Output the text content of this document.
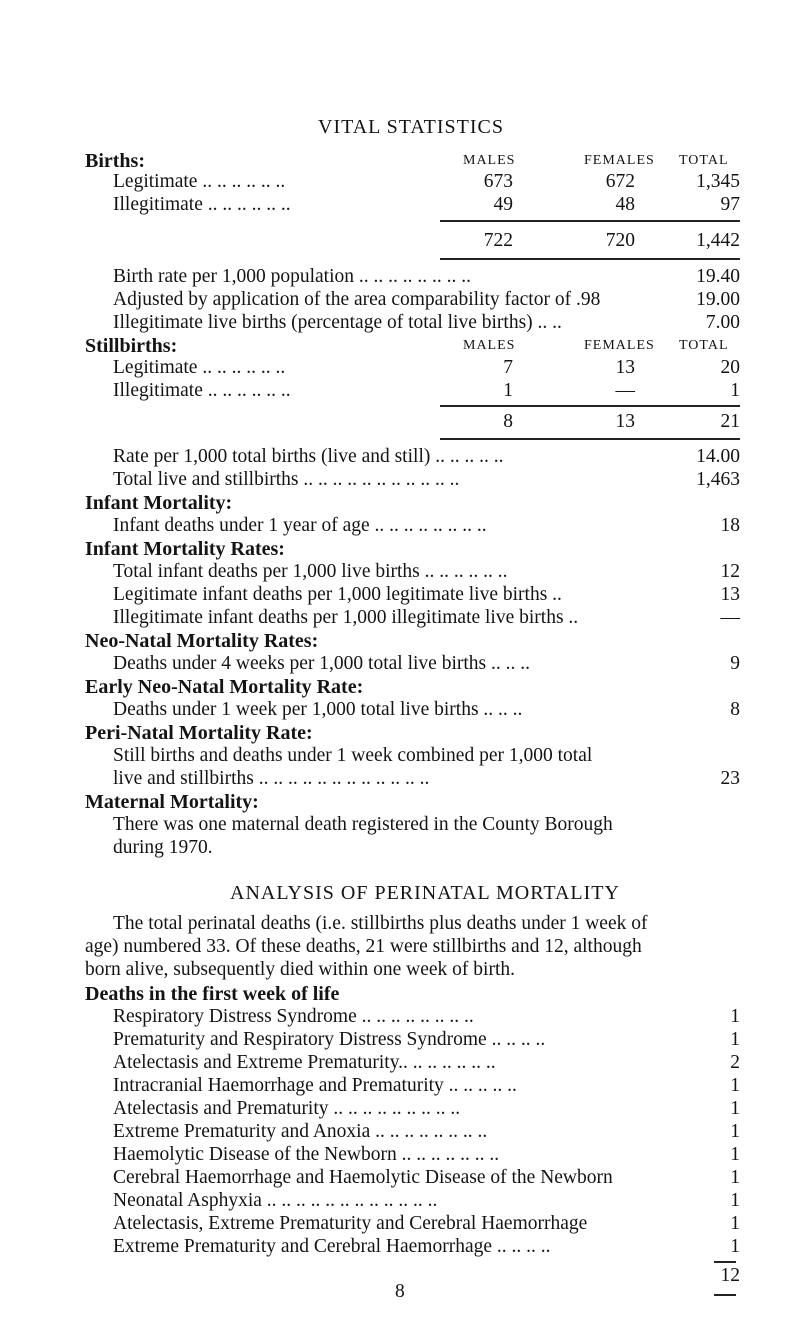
VITAL STATISTICS
Births:	MALES	FEMALES TOTAL
Legitimate .. .. .. .. .. ..	673	672	1,345
Illegitimate .. .. .. .. .. ..	49	48	97
722	720	1,442
Birth rate per 1,000 population .. .. .. .. .. .. .. ..	19.40
Adjusted by application of the area comparability factor of .98	19.00
Illegitimate live births (percentage of total live births) .. ..	7.00
Stillbirths:	MALES	FEMALES TOTAL
Legitimate .. .. .. .. .. ..	7	13	20
Illegitimate .. .. .. .. .. ..	1	—	1
8	13	21
Rate per 1,000 total births (live and still) .. .. .. .. ..	14.00
Total live and stillbirths .. .. .. .. .. .. .. .. .. .. ..	1,463
Infant Mortality:
Infant deaths under 1 year of age .. .. .. .. .. .. .. ..	18
Infant Mortality Rates:
Total infant deaths per 1,000 live births .. .. .. .. .. ..	12
Legitimate infant deaths per 1,000 legitimate live births ..	13
Illegitimate infant deaths per 1,000 illegitimate live births ..	—
Neo-Natal Mortality Rates:
Deaths under 4 weeks per 1,000 total live births .. .. ..	9
Early Neo-Natal Mortality Rate:
Deaths under 1 week per 1,000 total live births .. .. ..	8
Peri-Natal Mortality Rate:
Still births and deaths under 1 week combined per 1,000 total
live and stillbirths .. .. .. .. .. .. .. .. .. .. .. ..	23
Maternal Mortality:
There was one maternal death registered in the County Borough
during 1970.
ANALYSIS OF PERINATAL MORTALITY
The total perinatal deaths (i.e. stillbirths plus deaths under 1 week of
age) numbered 33. Of these deaths, 21 were stillbirths and 12, although
born alive, subsequently died within one week of birth.
Deaths in the first week of life
Respiratory Distress Syndrome .. .. .. .. .. .. .. ..	1
Prematurity and Respiratory Distress Syndrome .. .. .. ..	1
Atelectasis and Extreme Prematurity.. .. .. .. .. .. ..	2
Intracranial Haemorrhage and Prematurity .. .. .. .. ..	1
Atelectasis and Prematurity .. .. .. .. .. .. .. .. ..	1
Extreme Prematurity and Anoxia .. .. .. .. .. .. .. ..	1
Haemolytic Disease of the Newborn .. .. .. .. .. .. ..	1
Cerebral Haemorrhage and Haemolytic Disease of the Newborn	1
Neonatal Asphyxia .. .. .. .. .. .. .. .. .. .. .. ..	1
Atelectasis, Extreme Prematurity and Cerebral Haemorrhage	1
Extreme Prematurity and Cerebral Haemorrhage .. .. .. ..	1
12
8
